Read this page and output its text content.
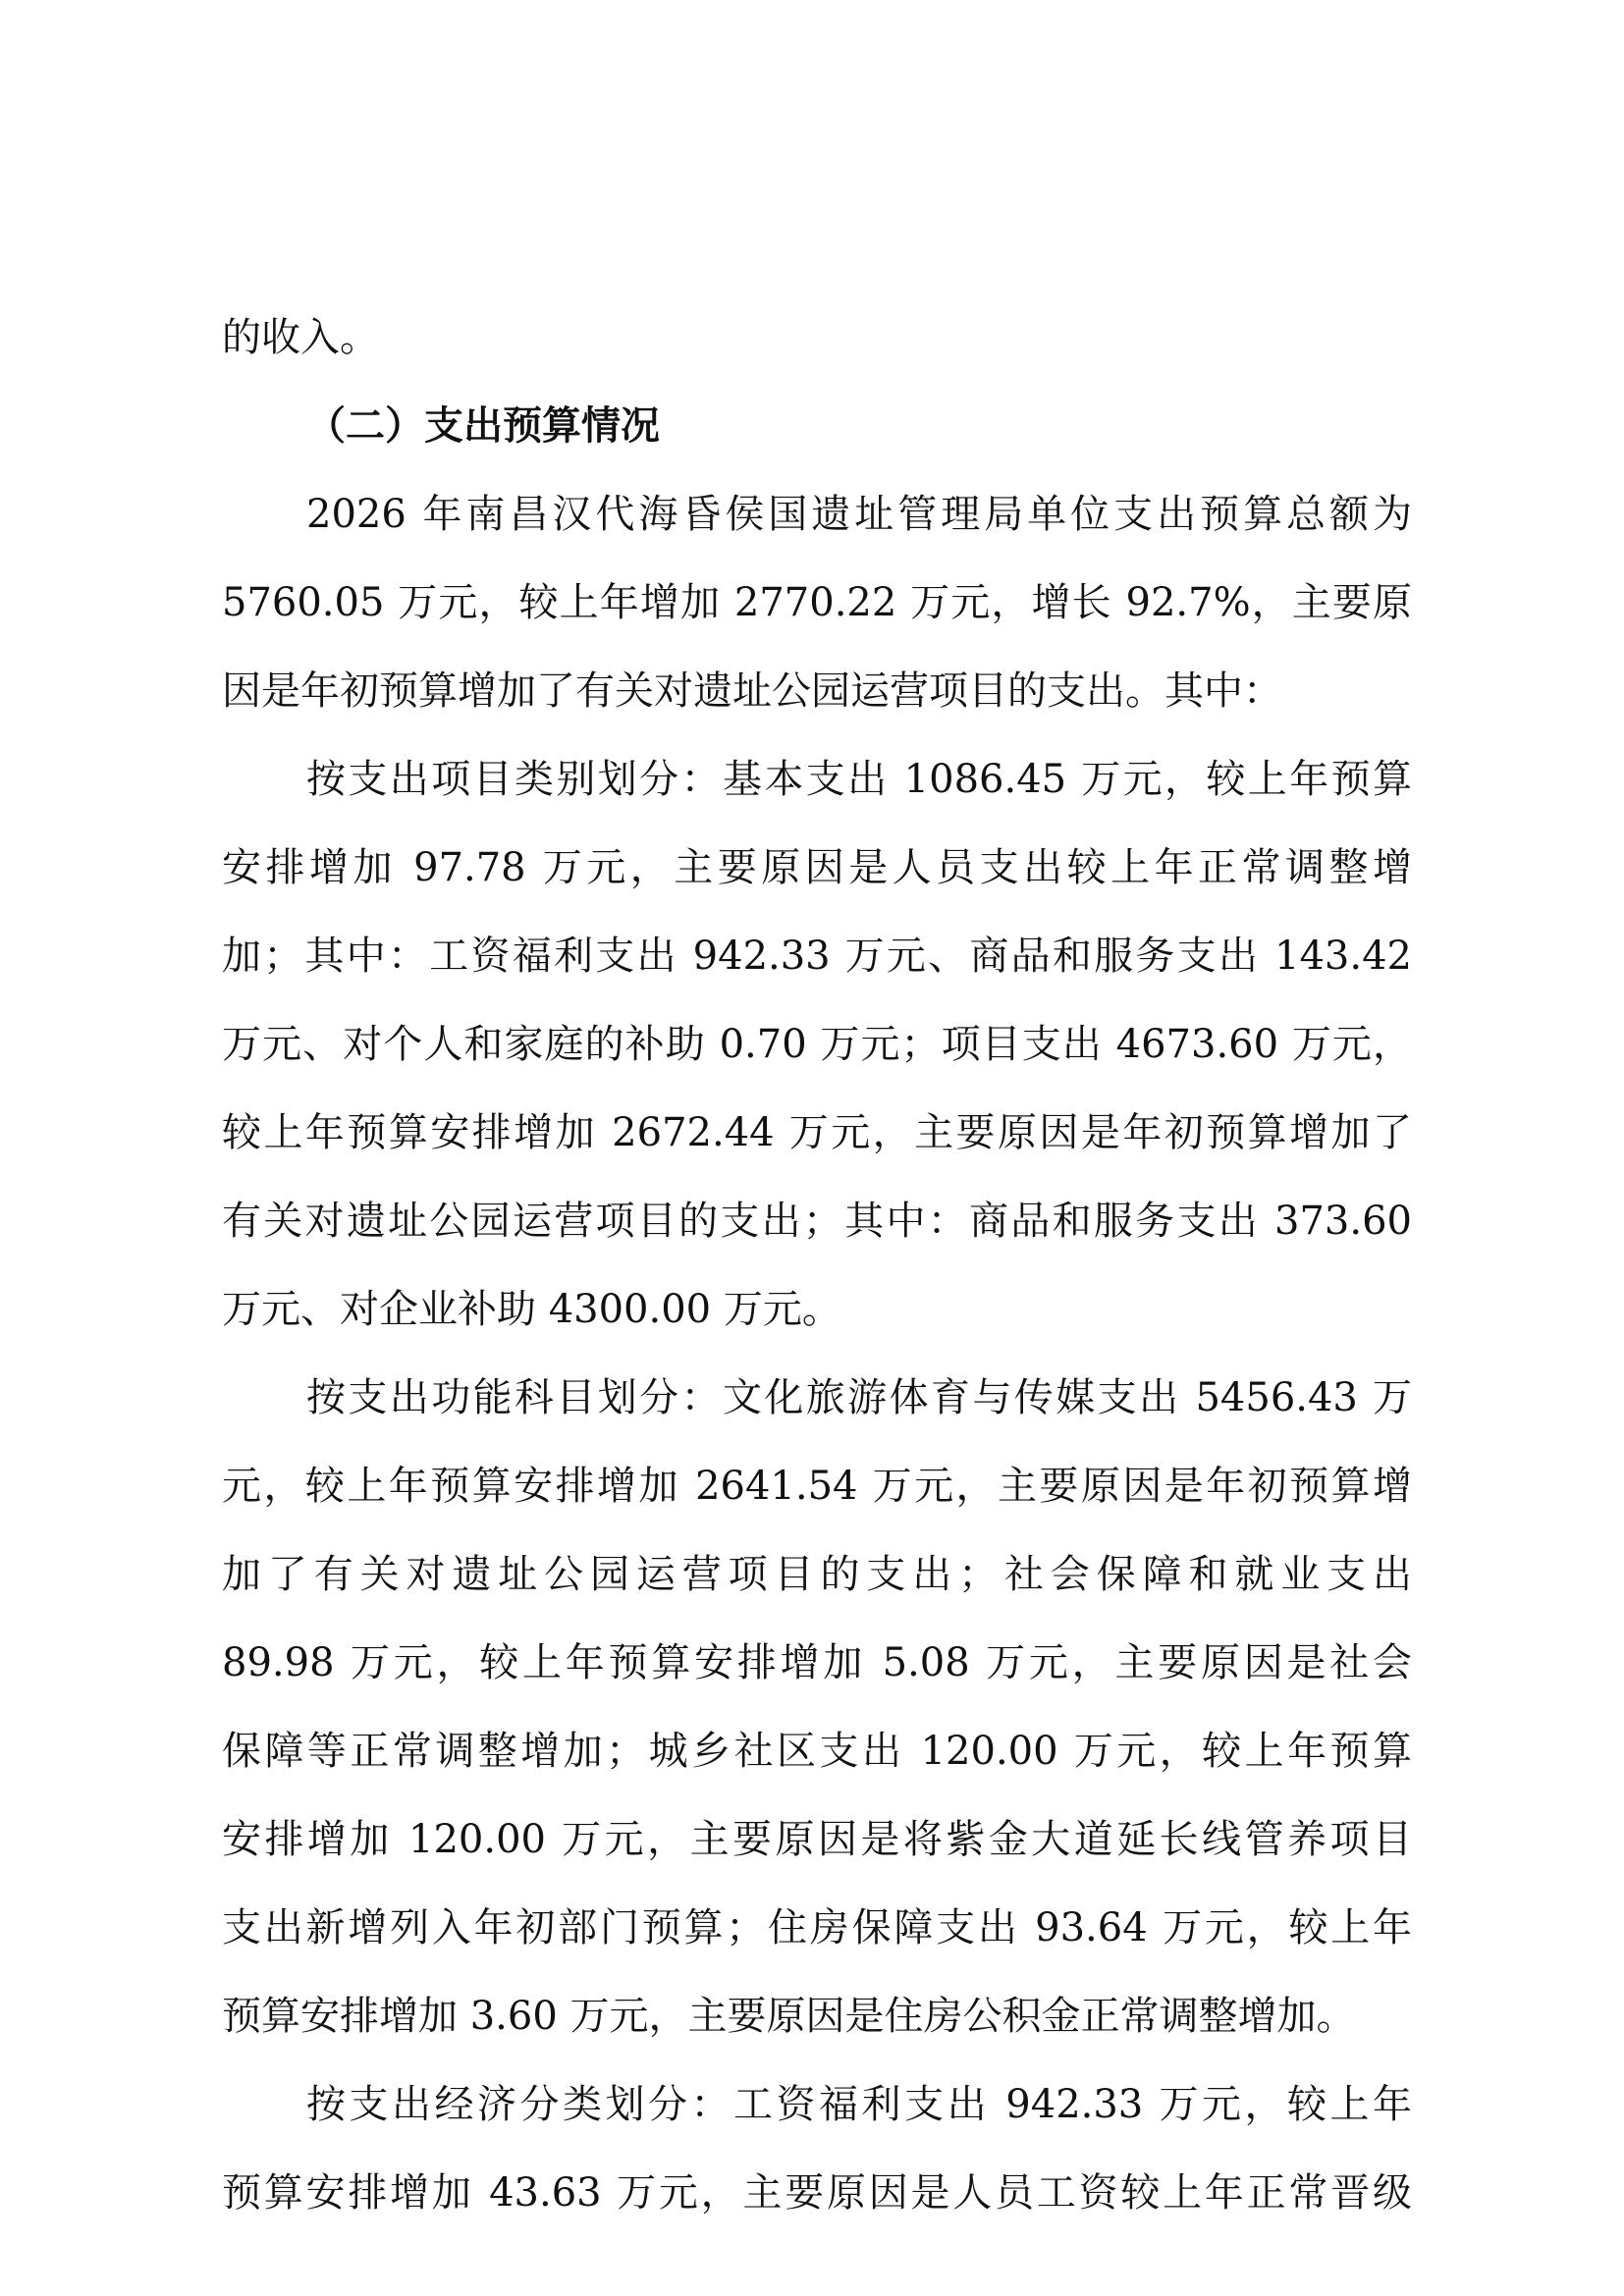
的收入。
（二）支出预算情况
2026 年南昌汉代海昏侯国遗址管理局单位支出预算总额为
5760.05 万元，较上年增加 2770.22 万元，增长 92.7%，主要原
因是年初预算增加了有关对遗址公园运营项目的支出。其中：
按支出项目类别划分：基本支出 1086.45 万元，较上年预算
安排增加 97.78 万元，主要原因是人员支出较上年正常调整增
加；其中：工资福利支出 942.33 万元、商品和服务支出 143.42
万元、对个人和家庭的补助 0.70 万元；项目支出 4673.60 万元，
较上年预算安排增加 2672.44 万元，主要原因是年初预算增加了
有关对遗址公园运营项目的支出；其中：商品和服务支出 373.60
万元、对企业补助 4300.00 万元。
按支出功能科目划分：文化旅游体育与传媒支出 5456.43 万
元，较上年预算安排增加 2641.54 万元，主要原因是年初预算增
加了有关对遗址公园运营项目的支出；社会保障和就业支出
89.98 万元，较上年预算安排增加 5.08 万元，主要原因是社会
保障等正常调整增加；城乡社区支出 120.00 万元，较上年预算
安排增加 120.00 万元，主要原因是将紫金大道延长线管养项目
支出新增列入年初部门预算；住房保障支出 93.64 万元，较上年
预算安排增加 3.60 万元，主要原因是住房公积金正常调整增加。
按支出经济分类划分：工资福利支出 942.33 万元，较上年
预算安排增加 43.63 万元，主要原因是人员工资较上年正常晋级
